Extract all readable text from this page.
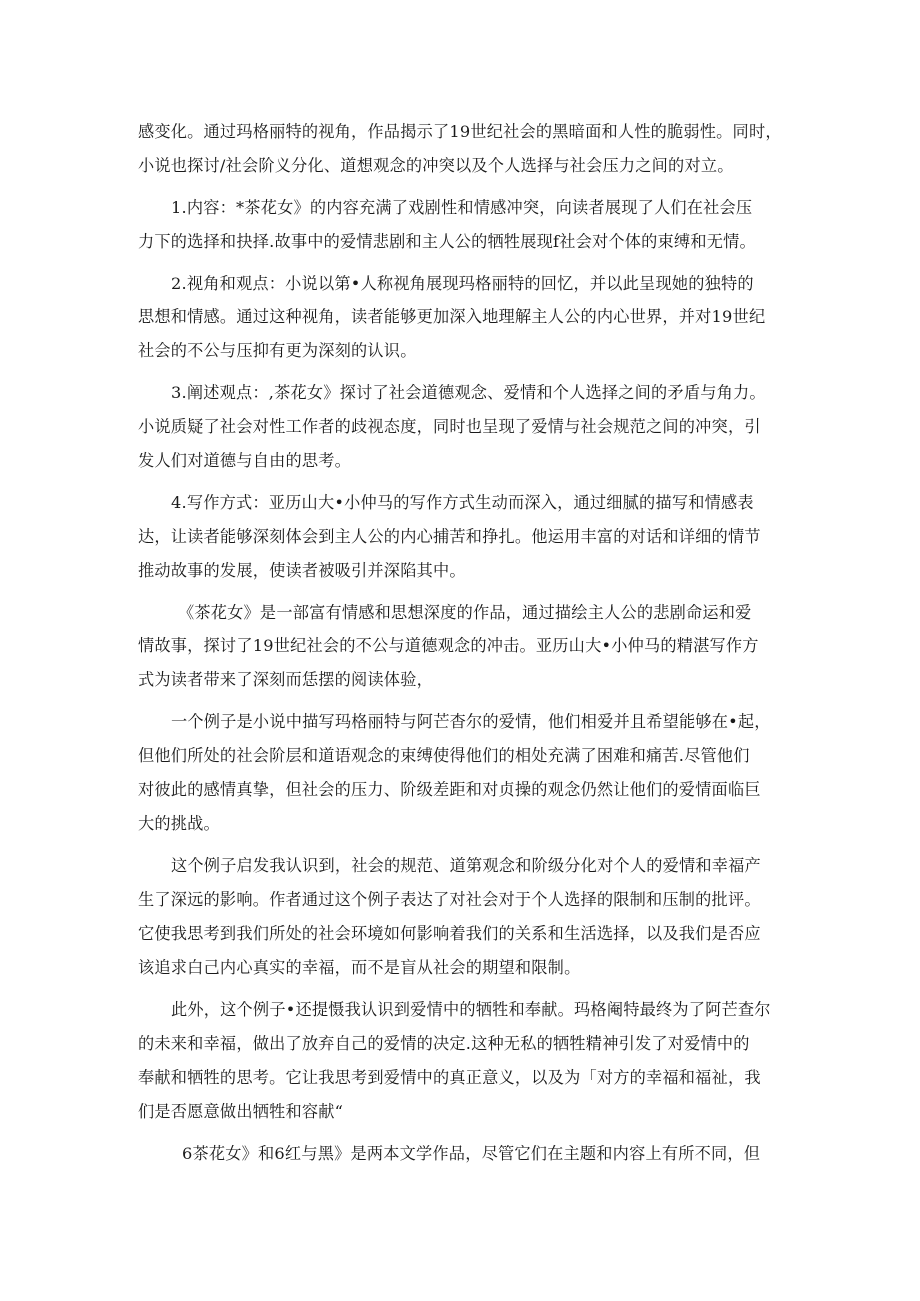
感变化。通过玛格丽特的视角，作品揭示了19世纪社会的黑暗面和人性的脆弱性。同时，
小说也探讨/社会阶义分化、道想观念的冲突以及个人选择与社会压力之间的对立。
1.内容：*茶花女》的内容充满了戏剧性和情感冲突，向读者展现了人们在社会压
力下的选择和抉择.故事中的爱情悲剧和主人公的牺牲展现f社会对个体的束缚和无情。
2.视角和观点：小说以第•人称视角展现玛格丽特的回忆，并以此呈现她的独特的
思想和情感。通过这种视角，读者能够更加深入地理解主人公的内心世界，并对19世纪
社会的不公与压抑有更为深刻的认识。
3.阐述观点：,茶花女》探讨了社会道德观念、爱情和个人选择之间的矛盾与角力。
小说质疑了社会对性工作者的歧视态度，同时也呈现了爱情与社会规范之间的冲突，引
发人们对道德与自由的思考。
4.写作方式：亚历山大•小仲马的写作方式生动而深入，通过细腻的描写和情感表
达，让读者能够深刻体会到主人公的内心捕苦和挣扎。他运用丰富的对话和详细的情节
推动故事的发展，使读者被吸引并深陷其中。
《茶花女》是一部富有情感和思想深度的作品，通过描绘主人公的悲剧命运和爱
情故事，探讨了19世纪社会的不公与道德观念的冲击。亚历山大•小仲马的精湛写作方
式为读者带来了深刻而恁摆的阅读体验，
一个例子是小说中描写玛格丽特与阿芒杳尔的爱情，他们相爱并且希望能够在•起，
但他们所处的社会阶层和道语观念的束缚使得他们的相处充满了困难和痛苦.尽管他们
对彼此的感情真挚，但社会的压力、阶级差距和对贞操的观念仍然让他们的爱情面临巨
大的挑战。
这个例子启发我认识到，社会的规范、道第观念和阶级分化对个人的爱情和幸福产
生了深远的影响。作者通过这个例子表达了对社会对于个人选择的限制和压制的批评。
它使我思考到我们所处的社会环境如何影响着我们的关系和生活选择，以及我们是否应
该追求白己内心真实的幸福，而不是盲从社会的期望和限制。
此外，这个例子•还提慑我认识到爱情中的牺牲和奉献。玛格阉特最终为了阿芒查尔
的未来和幸福，做出了放弃自己的爱情的决定.这种无私的牺牲精神引发了对爱情中的
奉献和牺牲的思考。它让我思考到爱情中的真正意义，以及为「对方的幸福和福祉，我
们是否愿意做出牺牲和容献“
6茶花女》和6红与黑》是两本文学作品，尽管它们在主题和内容上有所不同，但
